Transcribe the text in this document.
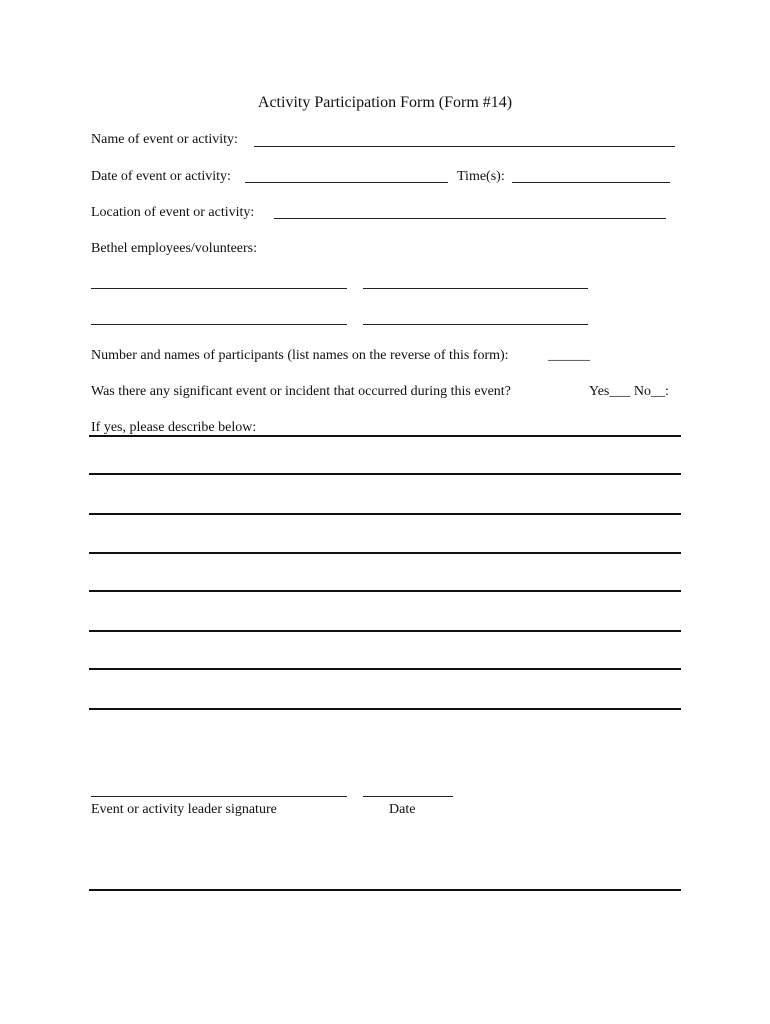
Activity Participation Form (Form #14)
Name of event or activity:
Date of event or activity:	Time(s):
Location of event or activity:
Bethel employees/volunteers:
Number and names of participants (list names on the reverse of this form):	______
Was there any significant event or incident that occurred during this event?	Yes___ No__:
If yes, please describe below:
Event or activity leader signature	Date
